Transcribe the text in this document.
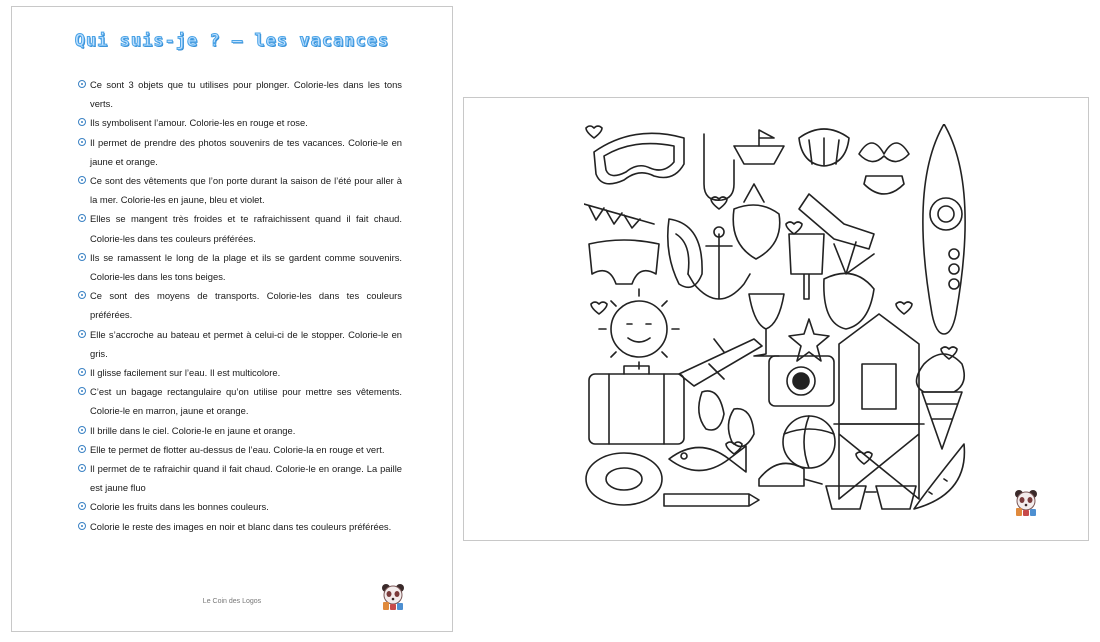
Qui suis-je ? – les vacances
Ce sont 3 objets que tu utilises pour plonger. Colorie-les dans les tons verts.
Ils symbolisent l’amour. Colorie-les en rouge et rose.
Il permet de prendre des photos souvenirs de tes vacances. Colorie-le en jaune et orange.
Ce sont des vêtements que l’on porte durant la saison de l’été pour aller à la mer. Colorie-les en jaune, bleu et violet.
Elles se mangent très froides et te rafraichissent quand il fait chaud. Colorie-les dans tes couleurs préférées.
Ils se ramassent le long de la plage et ils se gardent comme souvenirs. Colorie-les dans les tons beiges.
Ce sont des moyens de transports. Colorie-les dans tes couleurs préférées.
Elle s’accroche au bateau et permet à celui-ci de le stopper. Colorie-le en gris.
Il glisse facilement sur l’eau. Il est multicolore.
C’est un bagage rectangulaire qu’on utilise pour mettre ses vêtements. Colorie-le en marron, jaune et orange.
Il brille dans le ciel. Colorie-le en jaune et orange.
Elle te permet de flotter au-dessus de l’eau. Colorie-la en rouge et vert.
Il permet de te rafraichir quand il fait chaud. Colorie-le en orange. La paille est jaune fluo
Colorie les fruits dans les bonnes couleurs.
Colorie le reste des images en noir et blanc dans tes couleurs préférées.
Le Coin des Logos
